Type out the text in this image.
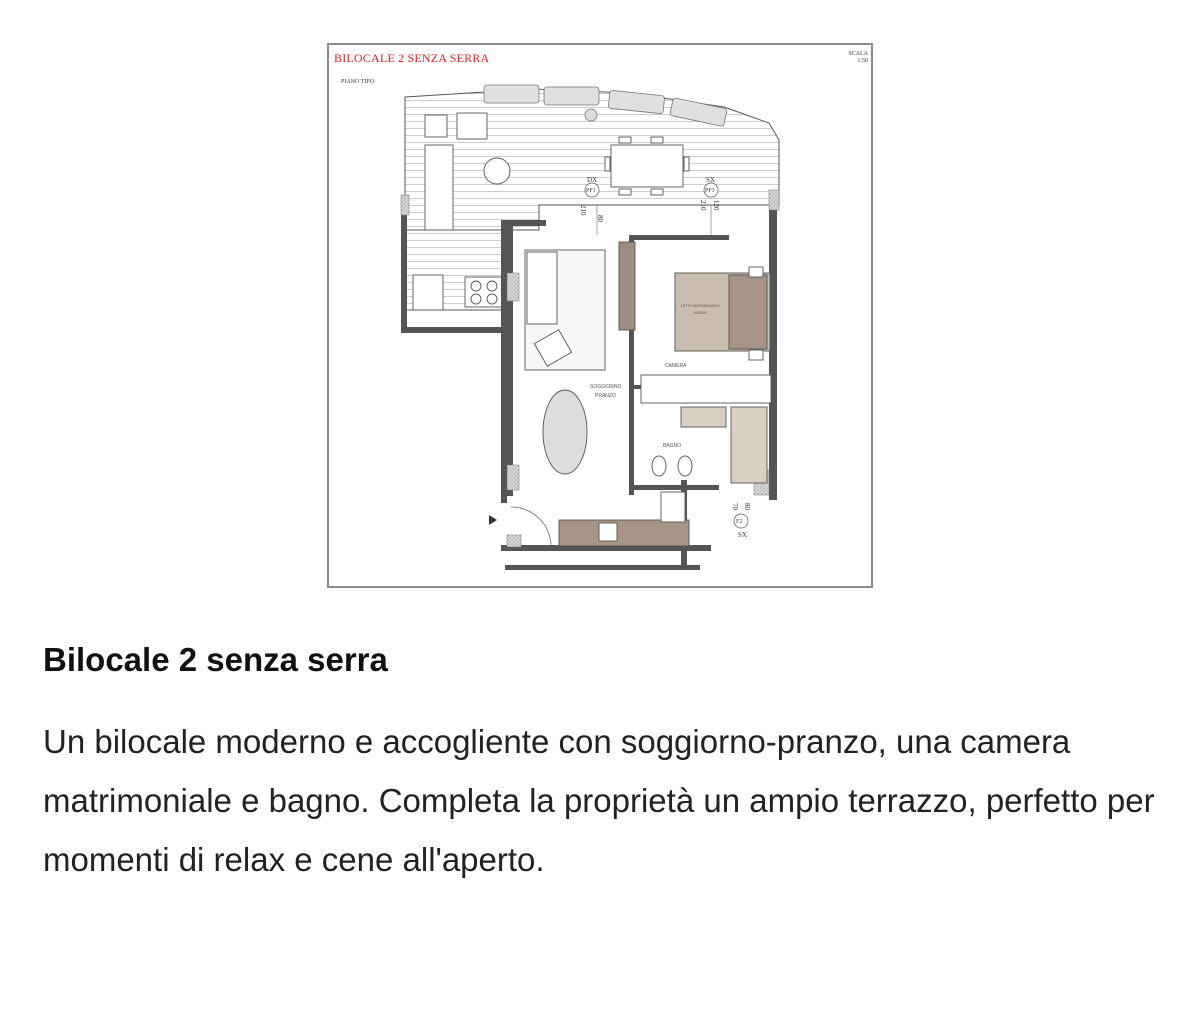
DX
PF1
80
210
SX
PF3
120
210
F2
SX
80
70
CAMERA
SOGGIORNO
PRANZO
BAGNO
LETTO MATRIMONIALE
160X200
BILOCALE 2 SENZA SERRA	SCALA
1:50
PIANO TIPO
Bilocale 2 senza serra

Un bilocale moderno e accogliente con soggiorno-pranzo, una camera matrimoniale e bagno. Completa la proprietà un ampio terrazzo, perfetto per momenti di relax e cene all'aperto.
